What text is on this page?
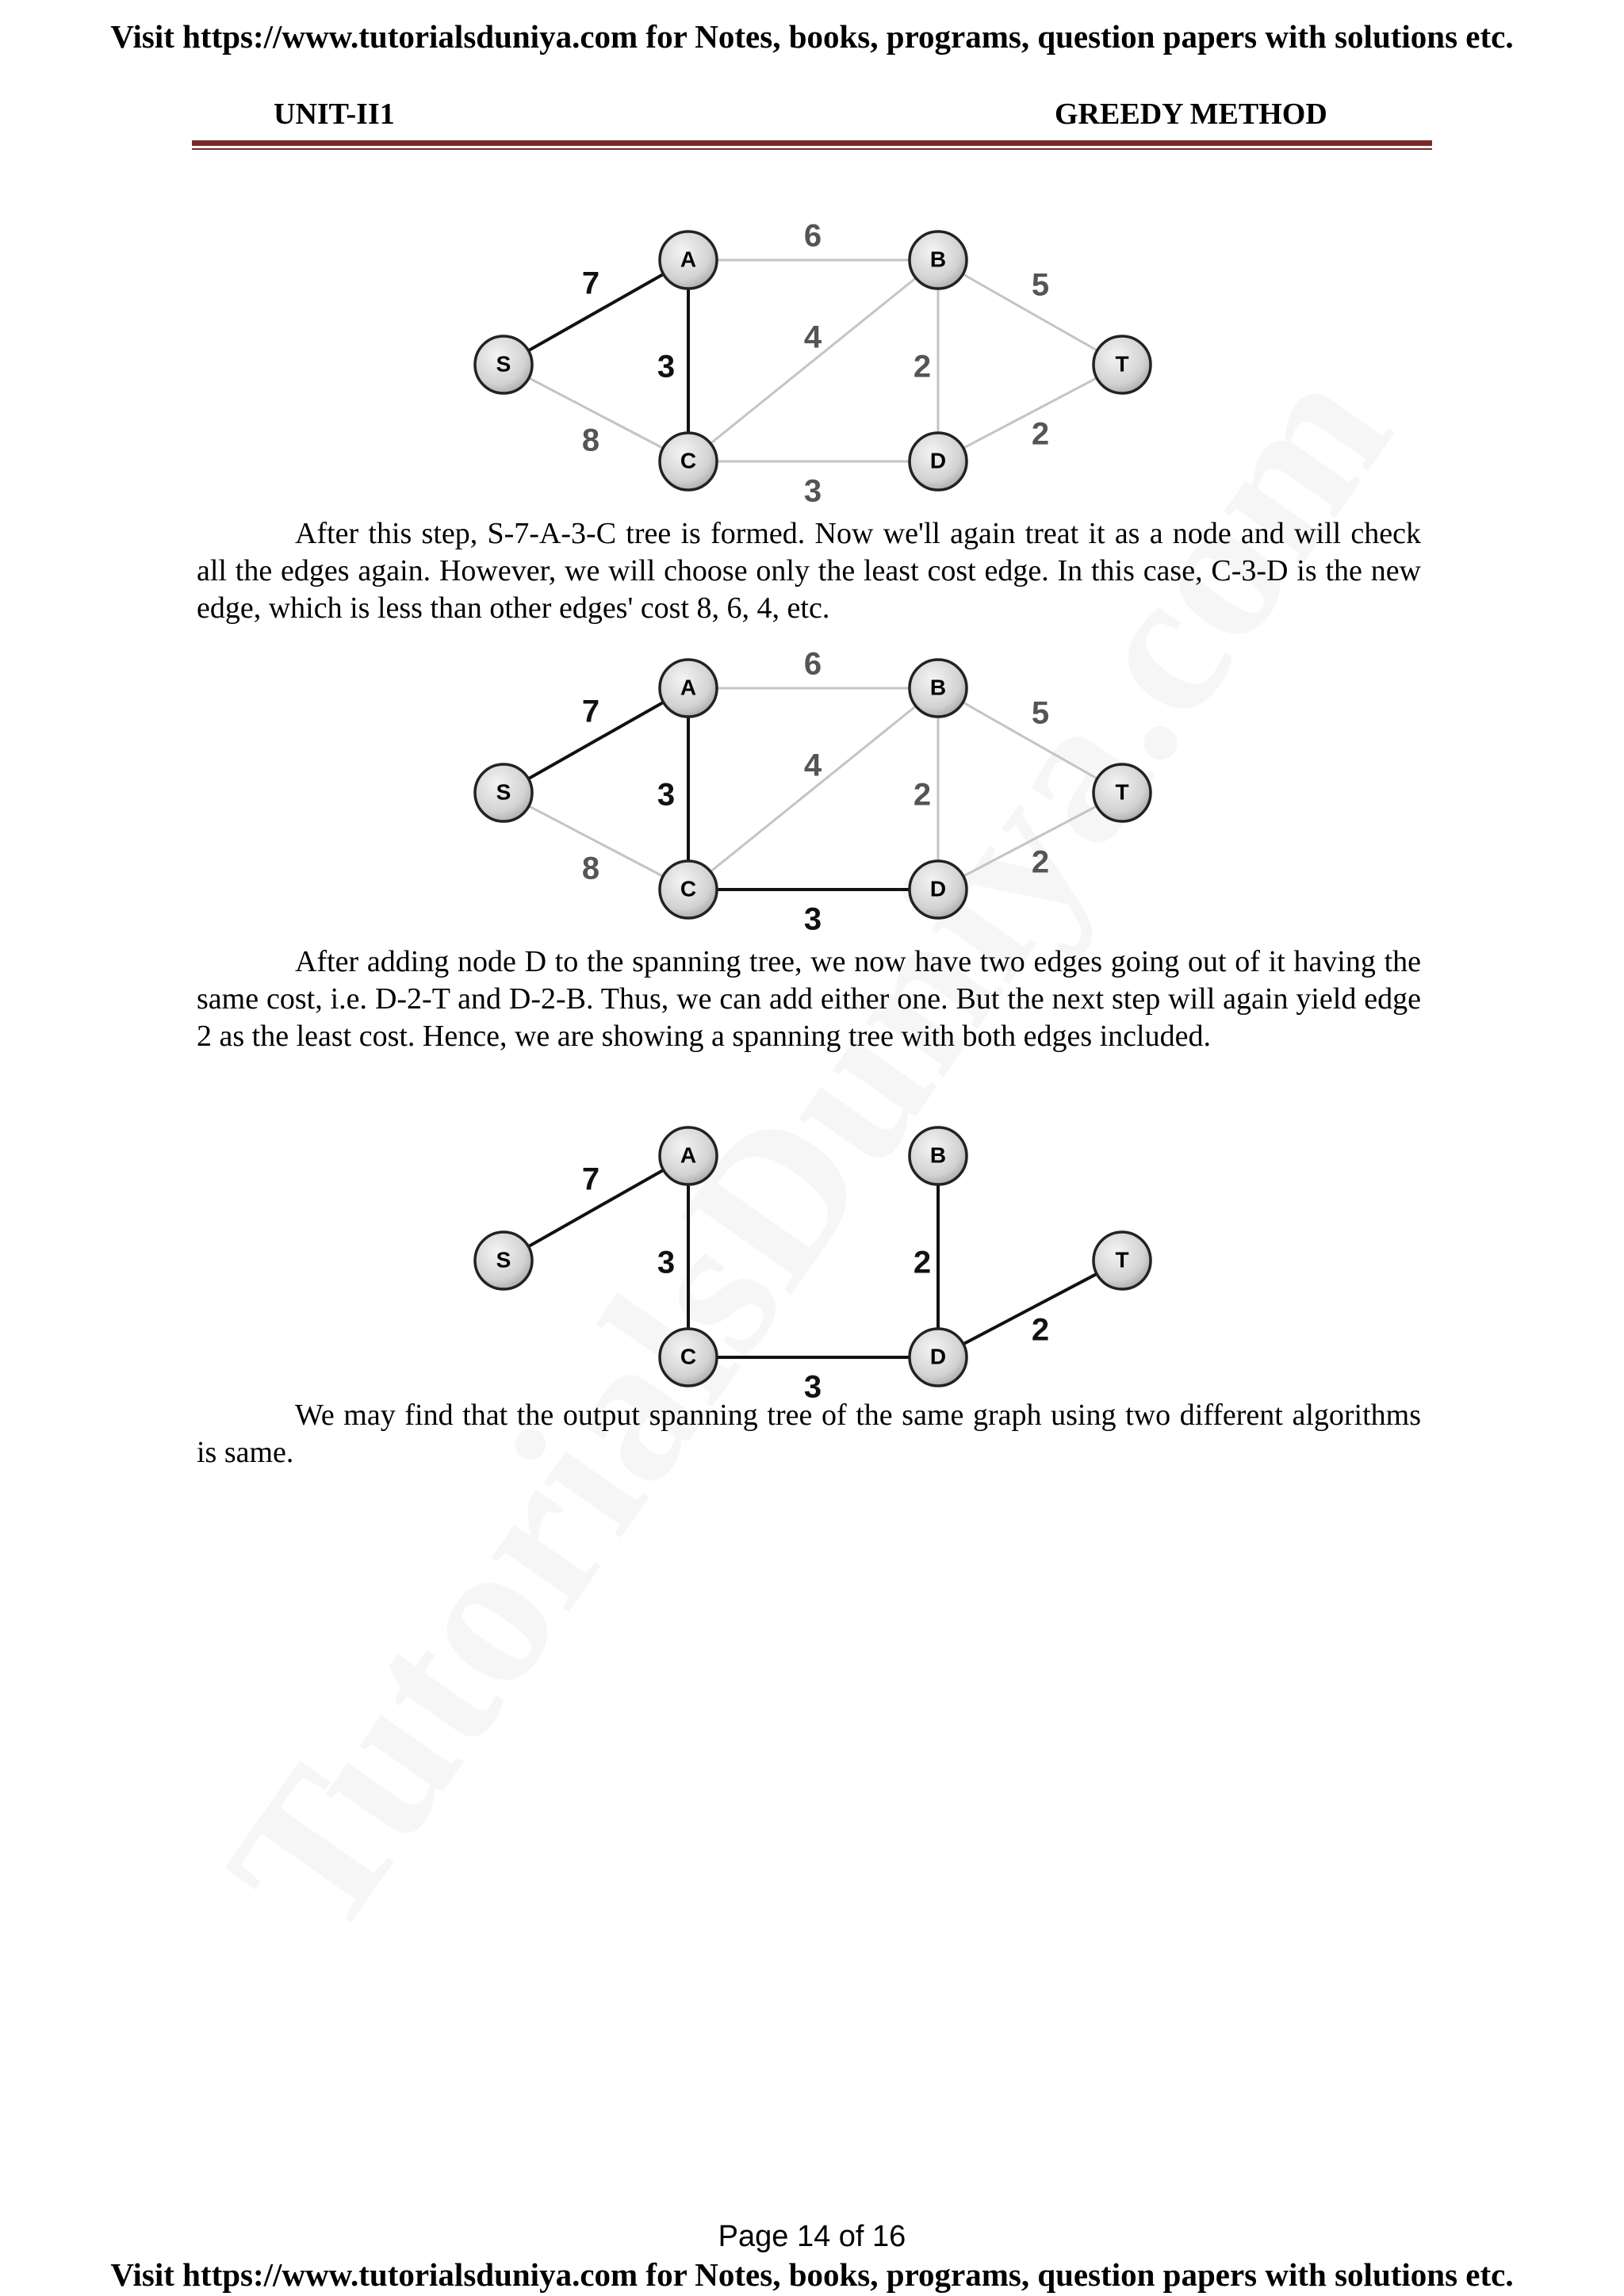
Visit https://www.tutorialsduniya.com for Notes, books, programs, question papers with solutions etc.
UNIT-II1	GREEDY METHOD
6
4
2
5
8
3
2
7
3
S
A	B
C	D
T

After this step, S-7-A-3-C tree is formed. Now we'll again treat it as a node and will check all the edges again. However, we will choose only the least cost edge. In this case, C-3-D is the new edge, which is less than other edges' cost 8, 6, 4, etc.

6
4
2
5
8	2
7
3
3
S
A	B
C	D
T

After adding node D to the spanning tree, we now have two edges going out of it having the same cost, i.e. D-2-T and D-2-B. Thus, we can add either one. But the next step will again yield edge 2 as the least cost. Hence, we are showing a spanning tree with both edges included.

7
3	2
3
2
S
A	B
C	D
T

We may find that the output spanning tree of the same graph using two different algorithms is same.

Page 14 of 16
Visit https://www.tutorialsduniya.com for Notes, books, programs, question papers with solutions etc.
